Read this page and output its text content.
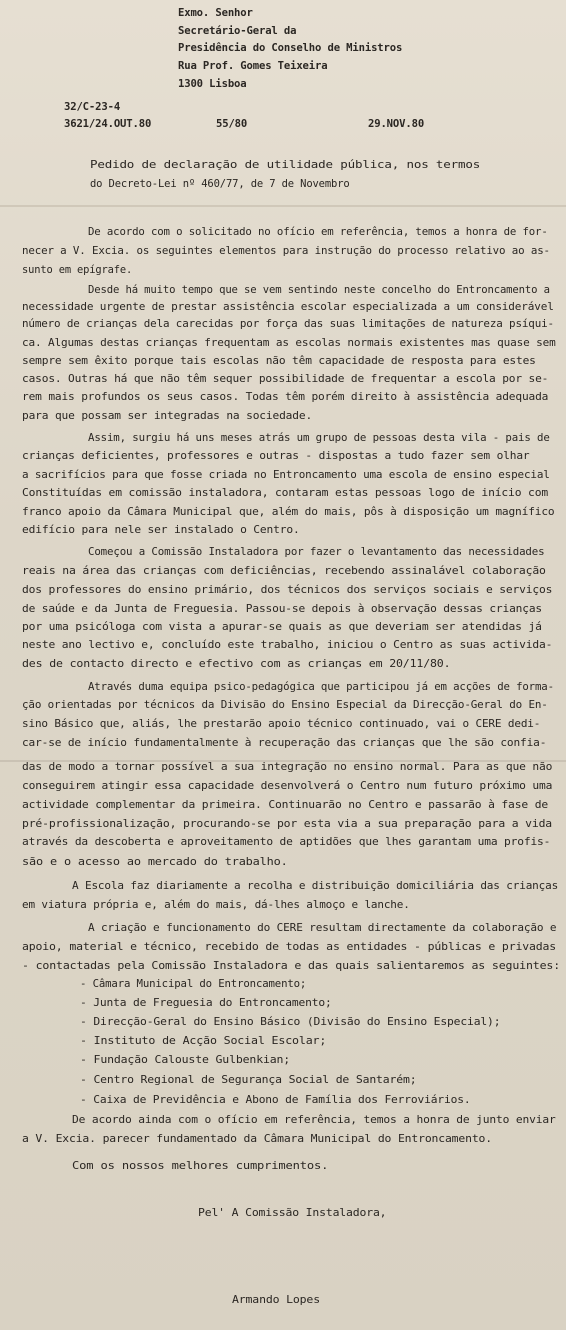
Exmo. Senhor
Secretário-Geral da
Presidência do Conselho de Ministros
Rua Prof. Gomes Teixeira
1300 Lisboa
32/C-23-4
3621/24.OUT.80	55/80	29.NOV.80
Pedido de declaração de utilidade pública, nos termos
do Decreto-Lei nº 460/77, de 7 de Novembro
De acordo com o solicitado no ofício em referência, temos a honra de for-
necer a V. Excia. os seguintes elementos para instrução do processo relativo ao as-
sunto em epígrafe.
Desde há muito tempo que se vem sentindo neste concelho do Entroncamento a
necessidade urgente de prestar assistência escolar especializada a um considerável
número de crianças dela carecidas por força das suas limitações de natureza psíqui-
ca. Algumas destas crianças frequentam as escolas normais existentes mas quase sem
sempre sem êxito porque tais escolas não têm capacidade de resposta para estes
casos. Outras há que não têm sequer possibilidade de frequentar a escola por se-
rem mais profundos os seus casos. Todas têm porém direito à assistência adequada
para que possam ser integradas na sociedade.
Assim, surgiu há uns meses atrás um grupo de pessoas desta vila - pais de
crianças deficientes, professores e outras - dispostas a tudo fazer sem olhar
a sacrifícios para que fosse criada no Entroncamento uma escola de ensino especial
Constituídas em comissão instaladora, contaram estas pessoas logo de início com
franco apoio da Câmara Municipal que, além do mais, pôs à disposição um magnífico
edifício para nele ser instalado o Centro.
Começou a Comissão Instaladora por fazer o levantamento das necessidades
reais na área das crianças com deficiências, recebendo assinalável colaboração
dos professores do ensino primário, dos técnicos dos serviços sociais e serviços
de saúde e da Junta de Freguesia. Passou-se depois à observação dessas crianças
por uma psicóloga com vista a apurar-se quais as que deveriam ser atendidas já
neste ano lectivo e, concluído este trabalho, iniciou o Centro as suas activida-
des de contacto directo e efectivo com as crianças em 20/11/80.
Através duma equipa psico-pedagógica que participou já em acções de forma-
ção orientadas por técnicos da Divisão do Ensino Especial da Direcção-Geral do En-
sino Básico que, aliás, lhe prestarão apoio técnico continuado, vai o CERE dedi-
car-se de início fundamentalmente à recuperação das crianças que lhe são confia-
das de modo a tornar possível a sua integração no ensino normal. Para as que não
conseguirem atingir essa capacidade desenvolverá o Centro num futuro próximo uma
actividade complementar da primeira. Continuarão no Centro e passarão à fase de
pré-profissionalização, procurando-se por esta via a sua preparação para a vida
através da descoberta e aproveitamento de aptidões que lhes garantam uma profis-
são e o acesso ao mercado do trabalho.
A Escola faz diariamente a recolha e distribuição domiciliária das crianças
em viatura própria e, além do mais, dá-lhes almoço e lanche.
A criação e funcionamento do CERE resultam directamente da colaboração e
apoio, material e técnico, recebido de todas as entidades - públicas e privadas
- contactadas pela Comissão Instaladora e das quais salientaremos as seguintes:
- Câmara Municipal do Entroncamento;
- Junta de Freguesia do Entroncamento;
- Direcção-Geral do Ensino Básico (Divisão do Ensino Especial);
- Instituto de Acção Social Escolar;
- Fundação Calouste Gulbenkian;
- Centro Regional de Segurança Social de Santarém;
- Caixa de Previdência e Abono de Família dos Ferroviários.
De acordo ainda com o ofício em referência, temos a honra de junto enviar
a V. Excia. parecer fundamentado da Câmara Municipal do Entroncamento.
Com os nossos melhores cumprimentos.
Pel' A Comissão Instaladora,
Armando Lopes
